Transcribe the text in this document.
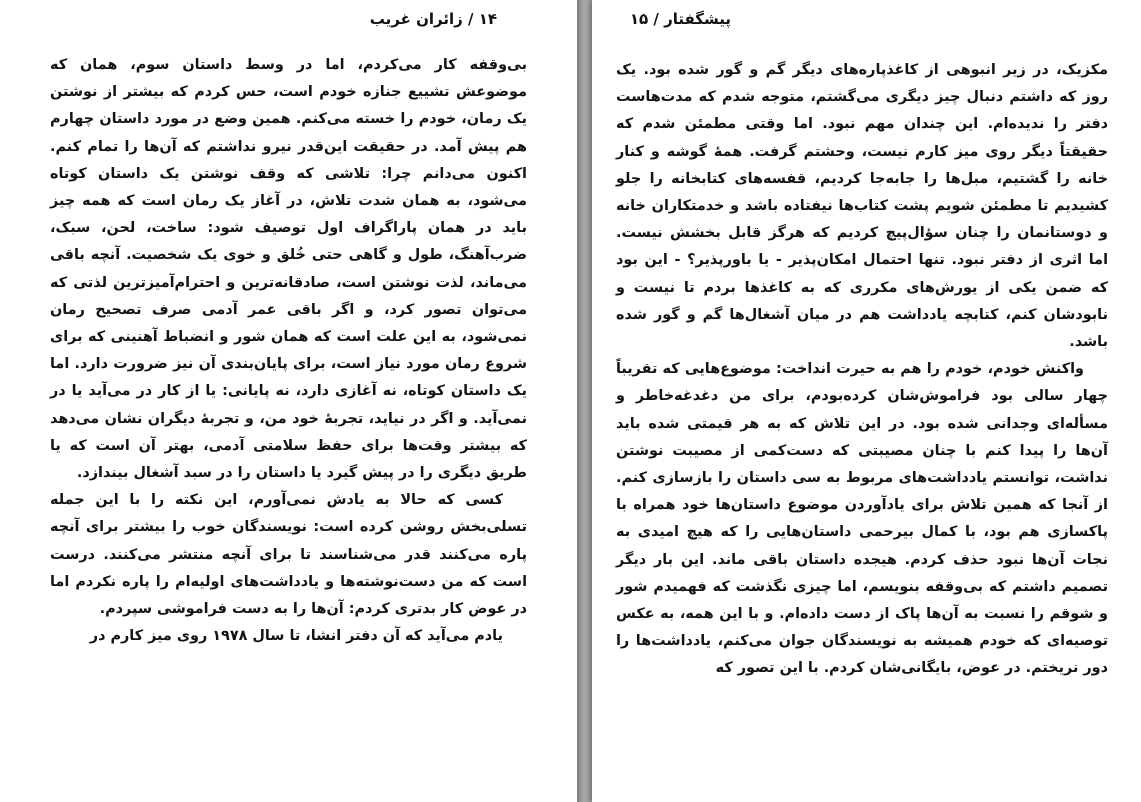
۱۴ / زائران غریب

بی‌وقفه کار می‌کردم، اما در وسط داستان سوم، همان که موضوعش تشییع جنازه خودم است، حس کردم که بیشتر از نوشتن یک رمان، خودم را خسته می‌کنم. همین وضع در مورد داستان چهارم هم پیش آمد. در حقیقت این‌قدر نیرو نداشتم که آن‌ها را تمام کنم. اکنون می‌دانم چرا: تلاشی که وقف نوشتن یک داستان کوتاه می‌شود، به همان شدت تلاش، در آغاز یک رمان است که همه چیز باید در همان پاراگراف اول توصیف شود: ساخت، لحن، سبک، ضرب‌آهنگ، طول و گاهی حتی خُلق و خوی یک شخصیت. آنچه باقی می‌ماند، لذت نوشتن است، صادقانه‌ترین و احترام‌آمیزترین لذتی که می‌توان تصور کرد، و اگر باقی عمر آدمی صرف تصحیح رمان نمی‌شود، به این علت است که همان شور و انضباط آهنینی که برای شروع رمان مورد نیاز است، برای پایان‌بندی آن نیز ضرورت دارد. اما یک داستان کوتاه، نه آغازی دارد، نه پایانی: یا از کار در می‌آید یا در نمی‌آید. و اگر در نیاید، تجربهٔ خود من، و تجربهٔ دیگران نشان می‌دهد که بیشتر وقت‌ها برای حفظ سلامتی آدمی، بهتر آن است که یا طریق دیگری را در پیش گیرد یا داستان را در سبد آشغال بیندازد.

کسی که حالا به یادش نمی‌آورم، این نکته را با این جمله تسلی‌بخش روشن کرده است: نویسندگان خوب را بیشتر برای آنچه پاره می‌کنند قدر می‌شناسند تا برای آنچه منتشر می‌کنند. درست است که من دست‌نوشته‌ها و یادداشت‌های اولیه‌ام را پاره نکردم اما در عوض کار بدتری کردم: آن‌ها را به دست فراموشی سپردم.

یادم می‌آید که آن دفتر انشا، تا سال ۱۹۷۸ روی میز کارم در

پیشگفتار / ۱۵

مکزیک، در زیر انبوهی از کاغذپاره‌های دیگر گم و گور شده بود. یک روز که داشتم دنبال چیز دیگری می‌گشتم، متوجه شدم که مدت‌هاست دفتر را ندیده‌ام. این چندان مهم نبود. اما وقتی مطمئن شدم که حقیقتاً دیگر روی میز کارم نیست، وحشتم گرفت. همهٔ گوشه و کنار خانه را گشتیم، مبل‌ها را جابه‌جا کردیم، قفسه‌های کتابخانه را جلو کشیدیم تا مطمئن شویم پشت کتاب‌ها نیفتاده باشد و خدمتکاران خانه و دوستانمان را چنان سؤال‌پیچ کردیم که هرگز قابل بخشش نیست. اما اثری از دفتر نبود. تنها احتمال امکان‌پذیر - یا باورپذیر؟ - این بود که ضمن یکی از یورش‌های مکرری که به کاغذها بردم تا نیست و نابودشان کنم، کتابچه یادداشت هم در میان آشغال‌ها گم و گور شده باشد.

واکنش خودم، خودم را هم به حیرت انداخت: موضوع‌هایی که تقریباً چهار سالی بود فراموش‌شان کرده‌بودم، برای من دغدغه‌خاطر و مسأله‌ای وجدانی شده بود. در این تلاش که به هر قیمتی شده باید آن‌ها را پیدا کنم با چنان مصیبتی که دست‌کمی از مصیبت نوشتن نداشت، توانستم یادداشت‌های مربوط به سی داستان را بازسازی کنم. از آنجا که همین تلاش برای یادآوردن موضوع داستان‌ها خود همراه با پاکسازی هم بود، با کمال بیرحمی داستان‌هایی را که هیچ امیدی به نجات آن‌ها نبود حذف کردم. هیجده داستان باقی ماند. این بار دیگر تصمیم داشتم که بی‌وقفه بنویسم، اما چیزی نگذشت که فهمیدم شور و شوقم را نسبت به آن‌ها پاک از دست داده‌ام. و با این همه، به عکس توصیه‌ای که خودم همیشه به نویسندگان جوان می‌کنم، یادداشت‌ها را دور نریختم. در عوض، بایگانی‌شان کردم. با این تصور که
